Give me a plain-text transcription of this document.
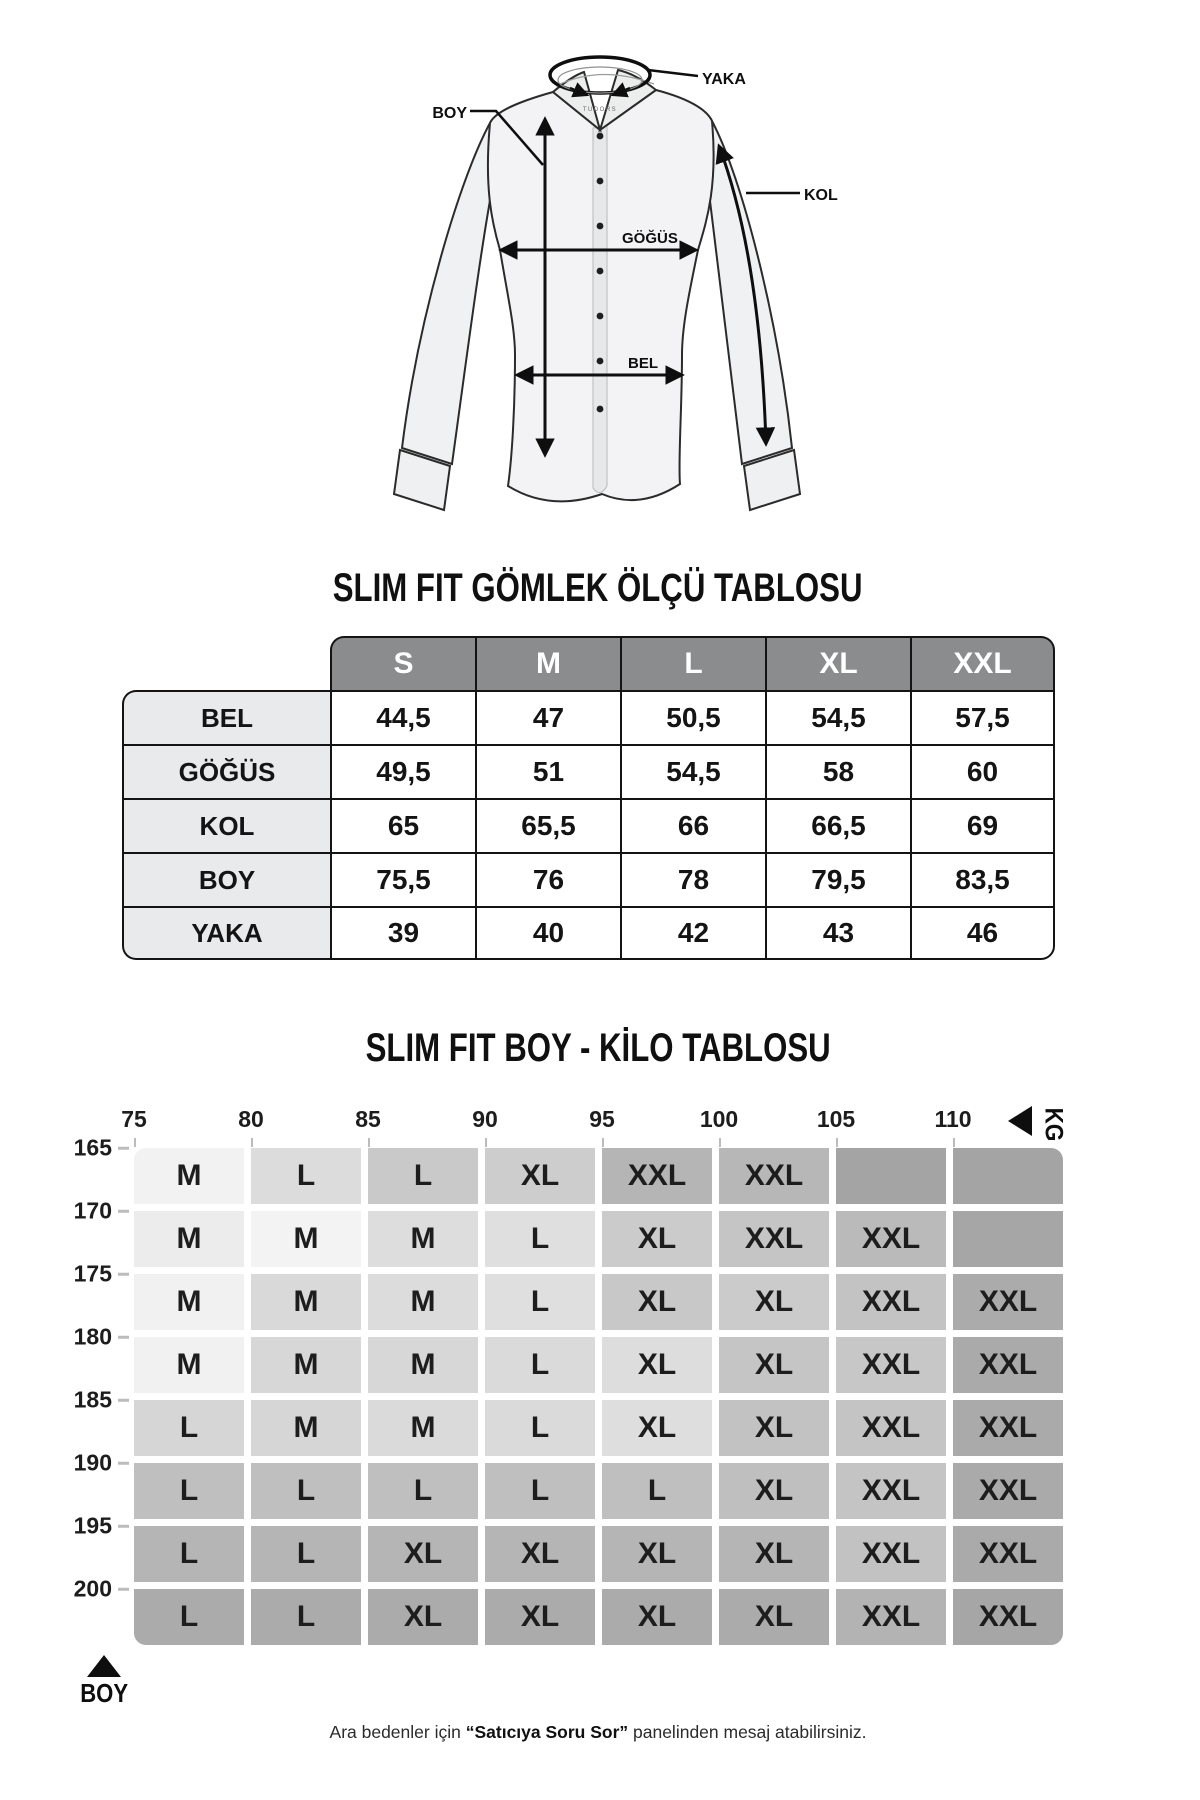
TUDORS
YAKA
BOY
GÖĞÜS
BEL
KOL
SLIM FIT GÖMLEK ÖLÇÜ TABLOSU
S	M	L	XL	XXL
BEL	44,5	47	50,5	54,5	57,5
GÖĞÜS	49,5	51	54,5	58	60
KOL	65	65,5	66	66,5	69
BOY	75,5	76	78	79,5	83,5
YAKA	39	40	42	43	46
SLIM FIT BOY - KİLO TABLOSU
75	80	85	90	95	100	105	110	KG
165
170
175
180
185
190
195
200
M	L	L	XL	XXL	XXL
M	M	M	L	XL	XXL	XXL
M	M	M	L	XL	XL	XXL	XXL
M	M	M	L	XL	XL	XXL	XXL
L	M	M	L	XL	XL	XXL	XXL
L	L	L	L	L	XL	XXL	XXL
L	L	XL	XL	XL	XL	XXL	XXL
L	L	XL	XL	XL	XL	XXL	XXL
BOY
Ara bedenler için “Satıcıya Soru Sor” panelinden mesaj atabilirsiniz.
